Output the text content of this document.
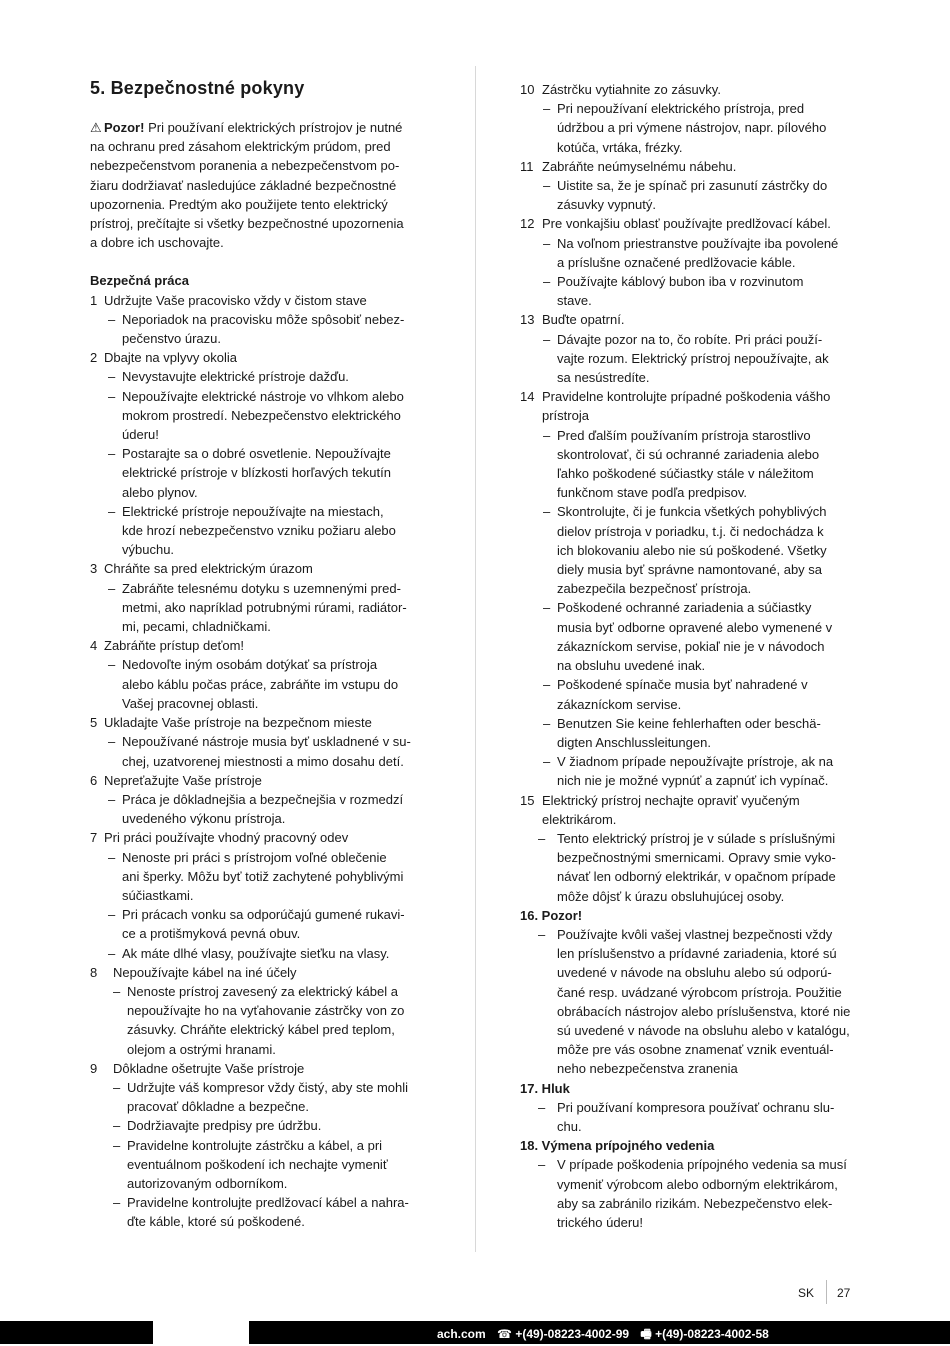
5. Bezpečnostné pokyny

⚠ Pozor! Pri používaní elektrických prístrojov je nutné
na ochranu pred zásahom elektrickým prúdom, pred
nebezpečenstvom poranenia a nebezpečenstvom po-
žiaru dodržiavať nasledujúce základné bezpečnostné
upozornenia. Predtým ako použijete tento elektrický
prístroj, prečítajte si všetky bezpečnostné upozornenia
a dobre ich uschovajte.

Bezpečná práca

1 Udržujte Vaše pracovisko vždy v čistom stave
– Neporiadok na pracovisku môže spôsobiť nebez-
pečenstvo úrazu.
2 Dbajte na vplyvy okolia
– Nevystavujte elektrické prístroje dažďu.
– Nepoužívajte elektrické nástroje vo vlhkom alebo
mokrom prostredí. Nebezpečenstvo elektrického
úderu!
– Postarajte sa o dobré osvetlenie. Nepoužívajte
elektrické prístroje v blízkosti horľavých tekutín
alebo plynov.
– Elektrické prístroje nepoužívajte na miestach,
kde hrozí nebezpečenstvo vzniku požiaru alebo
výbuchu.
3 Chráňte sa pred elektrickým úrazom
– Zabráňte telesnému dotyku s uzemnenými pred-
metmi, ako napríklad potrubnými rúrami, radiátor-
mi, pecami, chladničkami.
4 Zabráňte prístup deťom!
– Nedovoľte iným osobám dotýkať sa prístroja
alebo káblu počas práce, zabráňte im vstupu do
Vašej pracovnej oblasti.
5 Ukladajte Vaše prístroje na bezpečnom mieste
– Nepoužívané nástroje musia byť uskladnené v su-
chej, uzatvorenej miestnosti a mimo dosahu detí.
6 Nepreťažujte Vaše prístroje
– Práca je dôkladnejšia a bezpečnejšia v rozmedzí
uvedeného výkonu prístroja.
7 Pri práci používajte vhodný pracovný odev
– Nenoste pri práci s prístrojom voľné oblečenie
ani šperky. Môžu byť totiž zachytené pohyblivými
súčiastkami.
– Pri prácach vonku sa odporúčajú gumené rukavi-
ce a protišmyková pevná obuv.
– Ak máte dlhé vlasy, používajte sieťku na vlasy.
8 Nepoužívajte kábel na iné účely
– Nenoste prístroj zavesený za elektrický kábel a
nepoužívajte ho na vyťahovanie zástrčky von zo
zásuvky. Chráňte elektrický kábel pred teplom,
olejom a ostrými hranami.
9 Dôkladne ošetrujte Vaše prístroje
– Udržujte váš kompresor vždy čistý, aby ste mohli
pracovať dôkladne a bezpečne.
– Dodržiavajte predpisy pre údržbu.
– Pravidelne kontrolujte zástrčku a kábel, a pri
eventuálnom poškodení ich nechajte vymeniť
autorizovaným odborníkom.
– Pravidelne kontrolujte predlžovací kábel a nahra-
ďte káble, ktoré sú poškodené.
10 Zástrčku vytiahnite zo zásuvky.
– Pri nepoužívaní elektrického prístroja, pred
údržbou a pri výmene nástrojov, napr. pílového
kotúča, vrtáka, frézky.
11 Zabráňte neúmyselnému nábehu.
– Uistite sa, že je spínač pri zasunutí zástrčky do
zásuvky vypnutý.
12 Pre vonkajšiu oblasť používajte predlžovací kábel.
– Na voľnom priestranstve používajte iba povolené
a príslušne označené predlžovacie káble.
– Používajte káblový bubon iba v rozvinutom
stave.
13 Buďte opatrní.
– Dávajte pozor na to, čo robíte. Pri práci použí-
vajte rozum. Elektrický prístroj nepoužívajte, ak
sa nesústredíte.
14 Pravidelne kontrolujte prípadné poškodenia vášho
prístroja
– Pred ďalším používaním prístroja starostlivo
skontrolovať, či sú ochranné zariadenia alebo
ľahko poškodené súčiastky stále v náležitom
funkčnom stave podľa predpisov.
– Skontrolujte, či je funkcia všetkých pohyblivých
dielov prístroja v poriadku, t.j. či nedochádza k
ich blokovaniu alebo nie sú poškodené. Všetky
diely musia byť správne namontované, aby sa
zabezpečila bezpečnosť prístroja.
– Poškodené ochranné zariadenia a súčiastky
musia byť odborne opravené alebo vymenené v
zákazníckom servise, pokiaľ nie je v návodoch
na obsluhu uvedené inak.
– Poškodené spínače musia byť nahradené v
zákazníckom servise.
– Benutzen Sie keine fehlerhaften oder beschä-
digten Anschlussleitungen.
– V žiadnom prípade nepoužívajte prístroje, ak na
nich nie je možné vypnúť a zapnúť ich vypínač.
15 Elektrický prístroj nechajte opraviť vyučeným
elektrikárom.
– Tento elektrický prístroj je v súlade s príslušnými
bezpečnostnými smernicami. Opravy smie vyko-
návať len odborný elektrikár, v opačnom prípade
môže dôjsť k úrazu obsluhujúcej osoby.
16. Pozor!
– Používajte kvôli vašej vlastnej bezpečnosti vždy
len príslušenstvo a prídavné zariadenia, ktoré sú
uvedené v návode na obsluhu alebo sú odporú-
čané resp. uvádzané výrobcom prístroja. Použitie
obrábacích nástrojov alebo príslušenstva, ktoré nie
sú uvedené v návode na obsluhu alebo v katalógu,
môže pre vás osobne znamenať vznik eventuál-
neho nebezpečenstva zranenia
17. Hluk
– Pri používaní kompresora používať ochranu slu-
chu.
18. Výmena prípojného vedenia
– V prípade poškodenia prípojného vedenia sa musí
vymeniť výrobcom alebo odborným elektrikárom,
aby sa zabránilo rizikám. Nebezpečenstvo elek-
trického úderu!
SK 27
ach.com ☎ +(49)-08223-4002-99 🖷 +(49)-08223-4002-58
